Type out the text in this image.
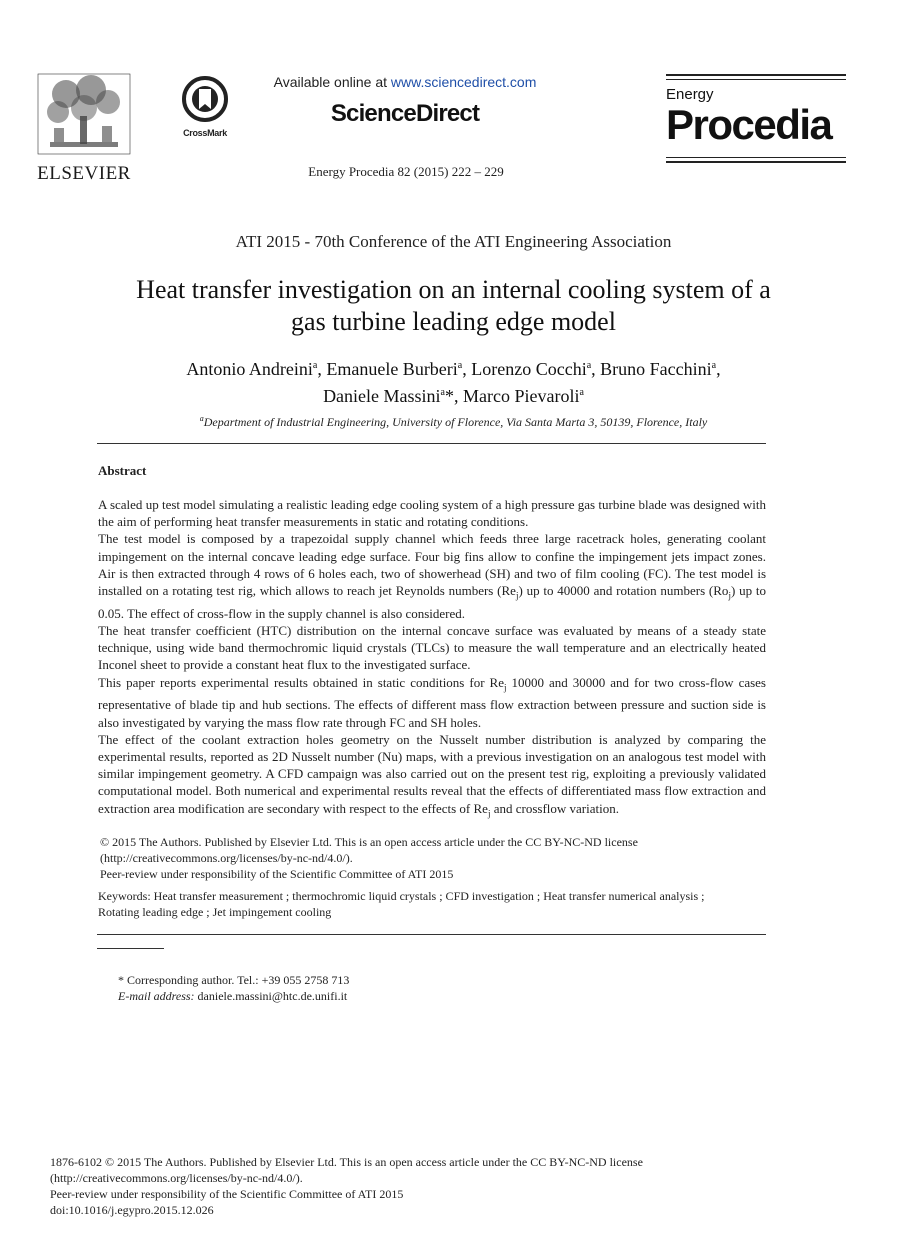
ELSEVIER
CrossMark
Available online at www.sciencedirect.com
ScienceDirect
Energy Procedia 82 (2015) 222 – 229
Energy
Procedia
ATI 2015 - 70th Conference of the ATI Engineering Association
Heat transfer investigation on an internal cooling system of a
gas turbine leading edge model
Antonio Andreini$^a$, Emanuele Burberi$^a$, Lorenzo Cocchi$^a$, Bruno Facchini$^a$,
Daniele Massini$^a$*, Marco Pievaroli$^a$
$^a$Department of Industrial Engineering, University of Florence, Via Santa Marta 3, 50139, Florence, Italy
Abstract

A scaled up test model simulating a realistic leading edge cooling system of a high pressure gas turbine blade was designed with the aim of performing heat transfer measurements in static and rotating conditions.

The test model is composed by a trapezoidal supply channel which feeds three large racetrack holes, generating coolant impingement on the internal concave leading edge surface. Four big fins allow to confine the impingement jets impact zones. Air is then extracted through 4 rows of 6 holes each, two of showerhead (SH) and two of film cooling (FC). The test model is installed on a rotating test rig, which allows to reach jet Reynolds numbers $(Re_j)$ up to 40000 and rotation numbers $(Ro_j)$ up to 0.05. The effect of cross-flow in the supply channel is also considered.

The heat transfer coefficient (HTC) distribution on the internal concave surface was evaluated by means of a steady state technique, using wide band thermochromic liquid crystals (TLCs) to measure the wall temperature and an electrically heated Inconel sheet to provide a constant heat flux to the investigated surface.

This paper reports experimental results obtained in static conditions for $Re_j$ 10000 and 30000 and for two cross-flow cases representative of blade tip and hub sections. The effects of different mass flow extraction between pressure and suction side is also investigated by varying the mass flow rate through FC and SH holes.

The effect of the coolant extraction holes geometry on the Nusselt number distribution is analyzed by comparing the experimental results, reported as 2D Nusselt number (Nu) maps, with a previous investigation on an analogous test model with similar impingement geometry. A CFD campaign was also carried out on the present test rig, exploiting a previously validated computational model. Both numerical and experimental results reveal that the effects of differentiated mass flow extraction and extraction area modification are secondary with respect to the effects of $Re_j$ and crossflow variation.

© 2015 The Authors. Published by Elsevier Ltd. This is an open access article under the CC BY-NC-ND license
(http://creativecommons.org/licenses/by-nc-nd/4.0/).
Peer-review under responsibility of the Scientific Committee of ATI 2015
Keywords: Heat transfer measurement ; thermochromic liquid crystals ; CFD investigation ; Heat transfer numerical analysis ;
Rotating leading edge ; Jet impingement cooling
* Corresponding author. Tel.: +39 055 2758 713
E-mail address: daniele.massini@htc.de.unifi.it
1876-6102 © 2015 The Authors. Published by Elsevier Ltd. This is an open access article under the CC BY-NC-ND license
(http://creativecommons.org/licenses/by-nc-nd/4.0/).
Peer-review under responsibility of the Scientific Committee of ATI 2015
doi:10.1016/j.egypro.2015.12.026
